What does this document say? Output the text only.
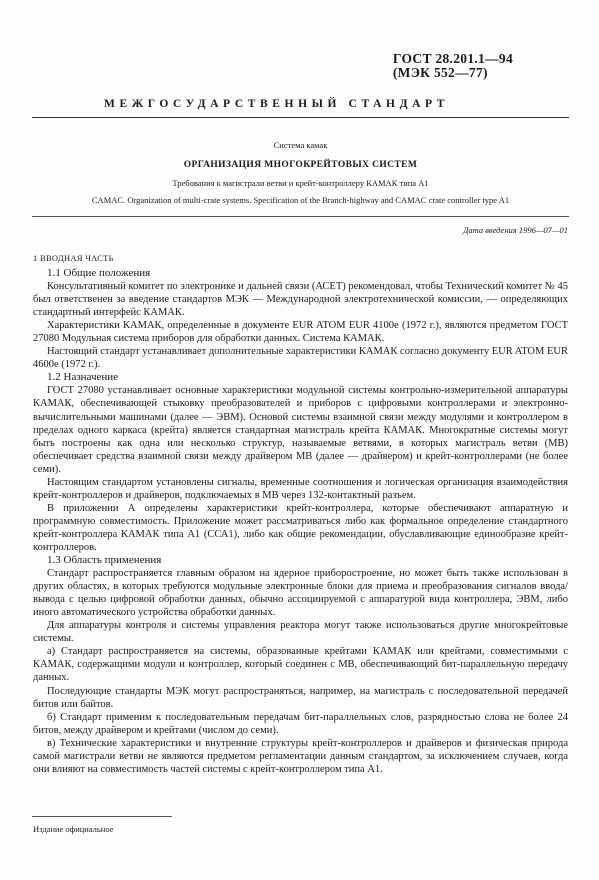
ГОСТ 28.201.1—94
(МЭК 552—77)
МЕЖГОСУДАРСТВЕННЫЙ СТАНДАРТ
Система камак
ОРГАНИЗАЦИЯ МНОГОКРЕЙТОВЫХ СИСТЕМ
Требования к магистрали ветви и крейт-контроллеру КАМАК типа А1
CAMAC. Organization of multi-crate systems. Specification of the Branch-highway and CAMAC crate controller type A1
Дата введения 1996—07—01
1 ВВОДНАЯ ЧАСТЬ

1.1 Общие положения

Консультативный комитет по электронике и дальней связи (АСЕТ) рекомендовал, чтобы Технический комитет № 45 был ответственен за введение стандартов МЭК — Международной электротехнической комиссии, — определяющих стандартный интерфейс КАМАК.

Характеристики КАМАК, определенные в документе EUR ATOM EUR 4100е (1972 г.), являются предметом ГОСТ 27080 Модульная система приборов для обработки данных. Система КАМАК.

Настоящий стандарт устанавливает дополнительные характеристики КАМАК согласно документу EUR ATOM EUR 4600е (1972 г.).

1.2 Назначение

ГОСТ 27080 устанавливает основные характеристики модульной системы контрольно-измерительной аппаратуры КАМАК, обеспечивающей стыковку преобразователей и приборов с цифровыми контроллерами и электронно-вычислительными машинами (далее — ЭВМ). Основой системы взаимной связи между модулями и контроллером в пределах одного каркаса (крейта) является стандартная магистраль крейта КАМАК. Многократные системы могут быть построены как одна или несколько структур, называемые ветвями, в которых магистраль ветви (МВ) обеспечивает средства взаимной связи между драйвером МВ (далее — драйвером) и крейт-контроллерами (не более семи).

Настоящим стандартом установлены сигналы, временные соотношения и логическая организация взаимодействия крейт-контроллеров и драйверов, подключаемых в МВ через 132-контактный разъем.

В приложении А определены характеристики крейт-контроллера, которые обеспечивают аппаратную и программную совместимость. Приложение может рассматриваться либо как формальное определение стандартного крейт-контроллера КАМАК типа А1 (ССА1), либо как общие рекомендации, обуславливающие единообразие крейт-контроллеров.

1.3 Область применения

Стандарт распространяется главным образом на ядерное приборостроение, но может быть также использован в других областях, в которых требуются модульные электронные блоки для приема и преобразования сигналов ввода/вывода с целью цифровой обработки данных, обычно ассоциируемой с аппаратурой вида контроллера, ЭВМ, либо иного автоматического устройства обработки данных.

Для аппаратуры контроля и системы управления реактора могут также использоваться другие многокрейтовые системы.

а) Стандарт распространяется на системы, образованные крейтами КАМАК или крейтами, совместимыми с КАМАК, содержащими модули и контроллер, который соединен с МВ, обеспечивающий бит-параллельную передачу данных.

Последующие стандарты МЭК могут распространяться, например, на магистраль с последовательной передачей битов или байтов.

б) Стандарт применим к последовательным передачам бит-параллельных слов, разрядностью слова не более 24 битов, между драйвером и крейтами (числом до семи).

в) Технические характеристики и внутренние структуры крейт-контроллеров и драйверов и физическая природа самой магистрали ветви не являются предметом регламентации данным стандартом, за исключением случаев, когда они влияют на совместимость частей системы с крейт-контроллером типа А1.

Издание официальное
